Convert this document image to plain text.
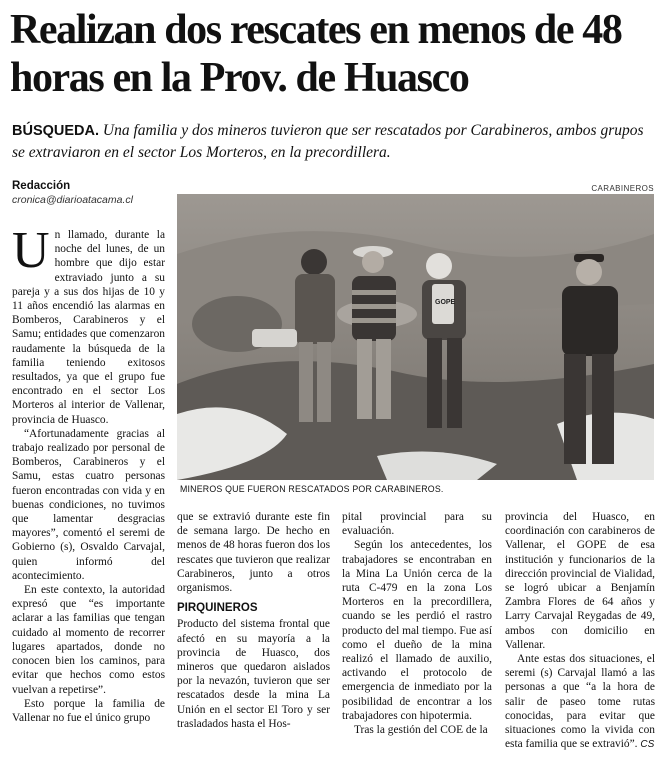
Realizan dos rescates en menos de 48 horas en la Prov. de Huasco

BÚSQUEDA. Una familia y dos mineros tuvieron que ser rescatados por Carabineros, ambos grupos se extraviaron en el sector Los Morteros, en la precordillera.

Redacción
cronica@diarioatacama.cl
CARABINEROS
GOPE
MINEROS QUE FUERON RESCATADOS POR CARABINEROS.

Un llamado, durante la noche del lunes, de un hombre que dijo estar extraviado junto a su pareja y a sus dos hijas de 10 y 11 años encendió las alarmas en Bomberos, Carabineros y el Samu; entidades que comenzaron raudamente la búsqueda de la familia teniendo exitosos resultados, ya que el grupo fue encontrado en el sector Los Morteros al interior de Vallenar, provincia de Huasco.

“Afortunadamente gracias al trabajo realizado por personal de Bomberos, Carabineros y el Samu, estas cuatro personas fueron encontradas con vida y en buenas condiciones, no tuvimos que lamentar desgracias mayores”, comentó el seremi de Gobierno (s), Osvaldo Carvajal, quien informó del acontecimiento.

En este contexto, la autoridad expresó que “es importante aclarar a las familias que tengan cuidado al momento de recorrer lugares apartados, donde no conocen bien los caminos, para evitar que hechos como estos vuelvan a repetirse”.

Esto porque la familia de Vallenar no fue el único grupo

que se extravió durante este fin de semana largo. De hecho en menos de 48 horas fueron dos los rescates que tuvieron que realizar Carabineros, junto a otros organismos.

PIRQUINEROS

Producto del sistema frontal que afectó en su mayoría a la provincia de Huasco, dos mineros que quedaron aislados por la nevazón, tuvieron que ser rescatados desde la mina La Unión en el sector El Toro y ser trasladados hasta el Hos-

pital provincial para su evaluación.

Según los antecedentes, los trabajadores se encontraban en la Mina La Unión cerca de la ruta C-479 en la zona Los Morteros en la precordillera, cuando se les perdió el rastro producto del mal tiempo. Fue así como el dueño de la mina realizó el llamado de auxilio, activando el protocolo de emergencia de inmediato por la posibilidad de encontrar a los trabajadores con hipotermia.

Tras la gestión del COE de la

provincia del Huasco, en coordinación con carabineros de Vallenar, el GOPE de esa institución y funcionarios de la dirección provincial de Vialidad, se logró ubicar a Benjamín Zambra Flores de 64 años y Larry Carvajal Reygadas de 49, ambos con domicilio en Vallenar.

Ante estas dos situaciones, el seremi (s) Carvajal llamó a las personas a que “a la hora de salir de paseo tome rutas conocidas, para evitar que situaciones como la vivida con esta familia que se extravió”. CS
